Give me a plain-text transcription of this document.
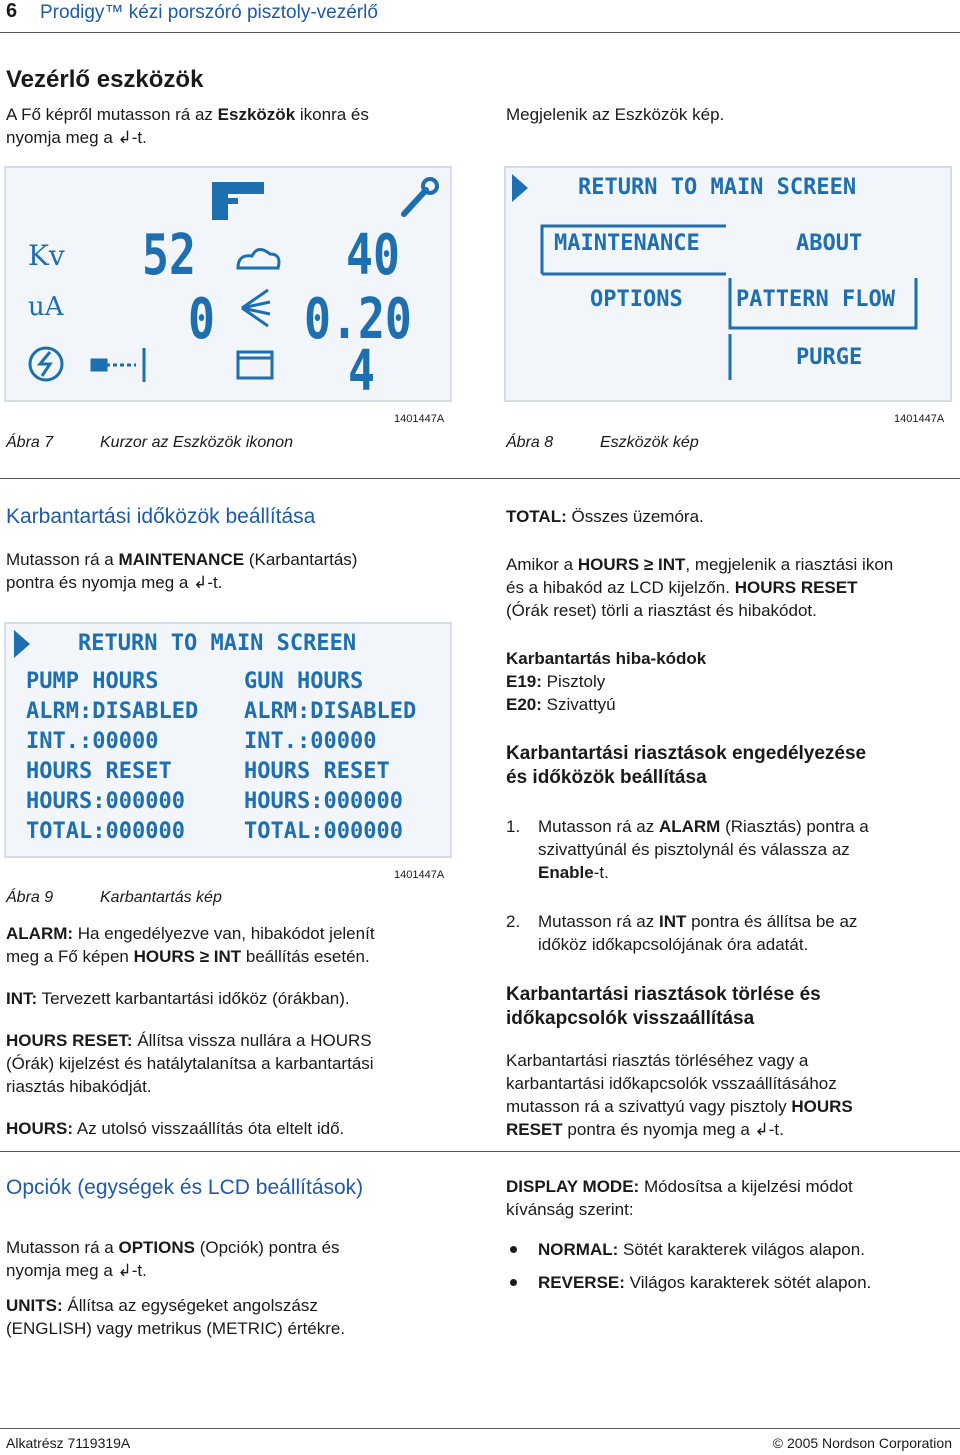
6 Prodigy™ kézi porszóró pisztoly-vezérlő
Vezérlő eszközök
A Fő képről mutasson rá az Eszközök ikonra és
nyomja meg a ↲-t.
Megjelenik az Eszközök kép.
Kv
uA
52
0
40
0.20
4
1401447A
Ábra 7	Kurzor az Eszközök ikonon
RETURN TO MAIN SCREEN
MAINTENANCE	ABOUT
OPTIONS PATTERN FLOW
PURGE
1401447A
Ábra 8	Eszközök kép
Karbantartási időközök beállítása
Mutasson rá a MAINTENANCE (Karbantartás)
pontra és nyomja meg a ↲-t.
RETURN TO MAIN SCREEN
PUMP HOURS	GUN HOURS
ALRM:DISABLED ALRM:DISABLED
INT.:00000	INT.:00000
HOURS RESET	HOURS RESET
HOURS:000000	HOURS:000000
TOTAL:000000	TOTAL:000000
1401447A
Ábra 9	Karbantartás kép
ALARM: Ha engedélyezve van, hibakódot jelenít
meg a Fő képen HOURS ≥ INT beállítás esetén.
INT: Tervezett karbantartási időköz (órákban).
HOURS RESET: Állítsa vissza nullára a HOURS
(Órák) kijelzést és hatálytalanítsa a karbantartási
riasztás hibakódját.
HOURS: Az utolsó visszaállítás óta eltelt idő.
TOTAL: Összes üzemóra.
Amikor a HOURS ≥ INT, megjelenik a riasztási ikon
és a hibakód az LCD kijelzőn. HOURS RESET
(Órák reset) törli a riasztást és hibakódot.
Karbantartás hiba-kódok
E19: Pisztoly
E20: Szivattyú
Karbantartási riasztások engedélyezése
és időközök beállítása
1. Mutasson rá az ALARM (Riasztás) pontra a
szivattyúnál és pisztolynál és válassza az
Enable-t.
2. Mutasson rá az INT pontra és állítsa be az
időköz időkapcsolójának óra adatát.
Karbantartási riasztások törlése és
időkapcsolók visszaállítása
Karbantartási riasztás törléséhez vagy a
karbantartási időkapcsolók vsszaállításához
mutasson rá a szivattyú vagy pisztoly HOURS
RESET pontra és nyomja meg a ↲-t.
Opciók (egységek és LCD beállítások)
Mutasson rá a OPTIONS (Opciók) pontra és
nyomja meg a ↲-t.
UNITS: Állítsa az egységeket angolszász
(ENGLISH) vagy metrikus (METRIC) értékre.
DISPLAY MODE: Módosítsa a kijelzési módot
kívánság szerint:
NORMAL: Sötét karakterek világos alapon.
REVERSE: Világos karakterek sötét alapon.
Alkatrész 7119319A	© 2005 Nordson Corporation
